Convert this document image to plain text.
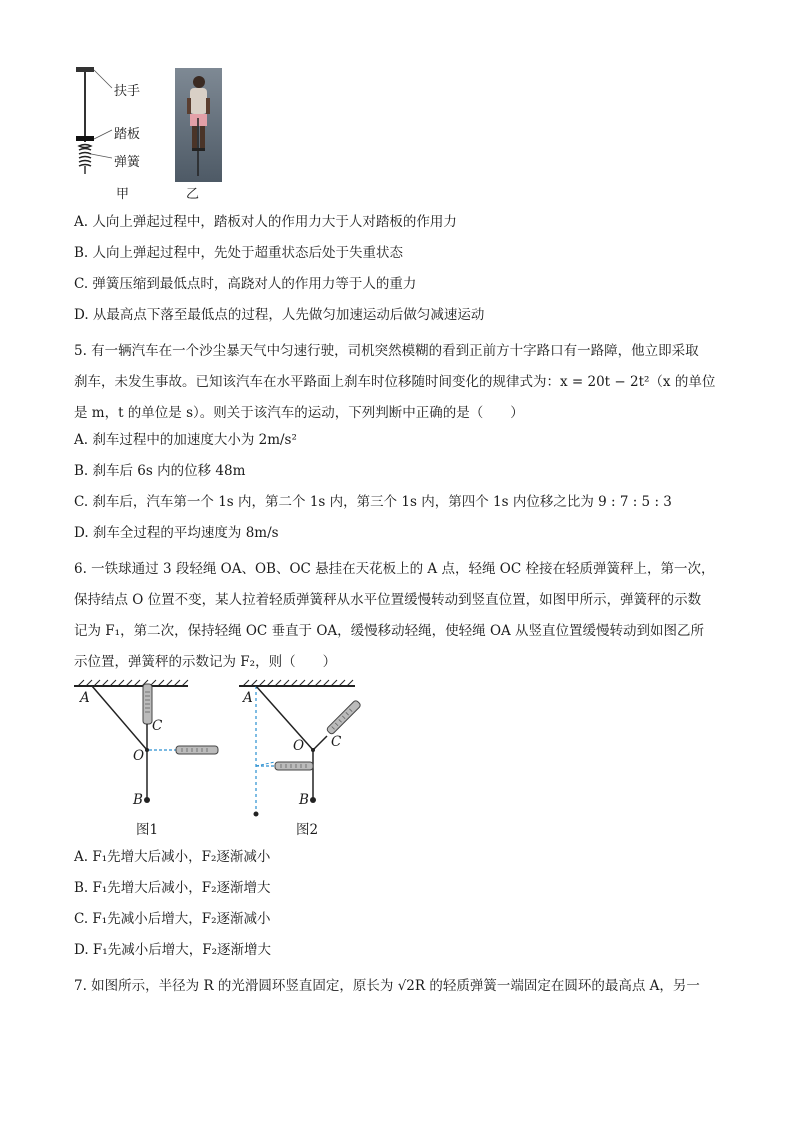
扶手
踏板
弹簧
甲	乙
A. 人向上弹起过程中，踏板对人的作用力大于人对踏板的作用力
B. 人向上弹起过程中，先处于超重状态后处于失重状态
C. 弹簧压缩到最低点时，高跷对人的作用力等于人的重力
D. 从最高点下落至最低点的过程，人先做匀加速运动后做匀减速运动
5. 有一辆汽车在一个沙尘暴天气中匀速行驶，司机突然模糊的看到正前方十字路口有一路障，他立即采取
刹车，未发生事故。已知该汽车在水平路面上刹车时位移随时间变化的规律式为：x = 20t − 2t²（x 的单位
是 m，t 的单位是 s）。则关于该汽车的运动，下列判断中正确的是（　　）
A. 刹车过程中的加速度大小为 2m/s²
B. 刹车后 6s 内的位移 48m
C. 刹车后，汽车第一个 1s 内，第二个 1s 内，第三个 1s 内，第四个 1s 内位移之比为 9 : 7 : 5 : 3
D. 刹车全过程的平均速度为 8m/s
6. 一铁球通过 3 段轻绳 OA、OB、OC 悬挂在天花板上的 A 点，轻绳 OC 栓接在轻质弹簧秤上，第一次，
保持结点 O 位置不变，某人拉着轻质弹簧秤从水平位置缓慢转动到竖直位置，如图甲所示，弹簧秤的示数
记为 F₁，第二次，保持轻绳 OC 垂直于 OA，缓慢移动轻绳，使轻绳 OA 从竖直位置缓慢转动到如图乙所
示位置，弹簧秤的示数记为 F₂，则（　　）
A
C
O
B
图1
A
C
O
B
图2
A. F₁先增大后减小，F₂逐渐减小
B. F₁先增大后减小，F₂逐渐增大
C. F₁先减小后增大，F₂逐渐减小
D. F₁先减小后增大，F₂逐渐增大
7. 如图所示，半径为 R 的光滑圆环竖直固定，原长为 √2R 的轻质弹簧一端固定在圆环的最高点 A，另一
